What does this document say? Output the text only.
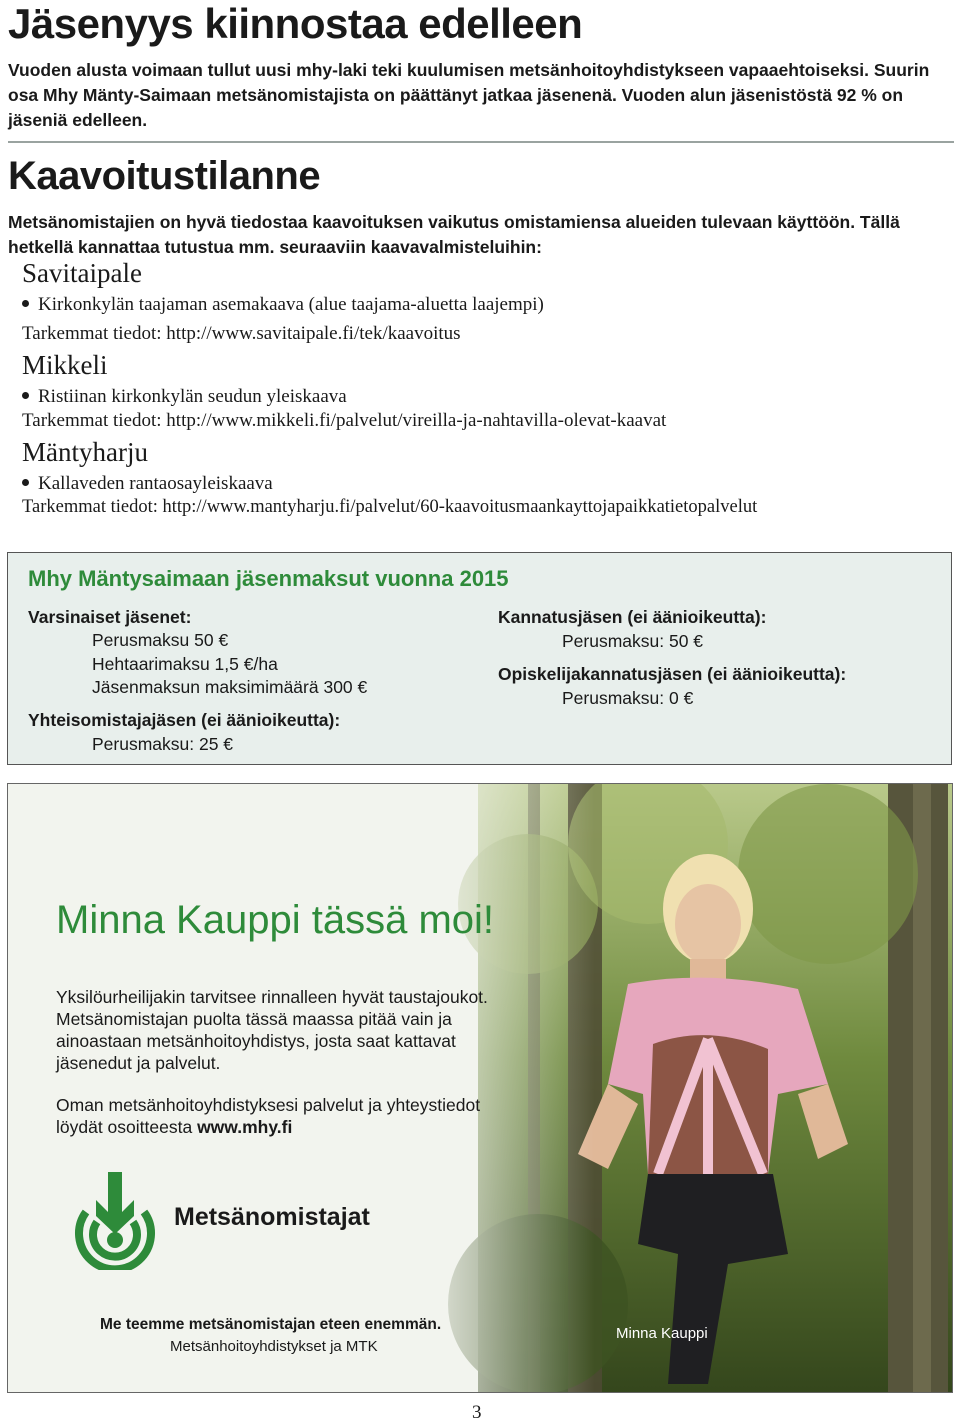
Jäsenyys kiinnostaa edelleen
Vuoden alusta voimaan tullut uusi mhy-laki teki kuulumisen metsänhoitoyhdistykseen vapaaehtoiseksi. Suurin osa Mhy Mänty-Saimaan metsänomistajista on päättänyt jatkaa jäsenenä. Vuoden alun jäsenistöstä 92 % on jäseniä edelleen.
Kaavoitustilanne
Metsänomistajien on hyvä tiedostaa kaavoituksen vaikutus omistamiensa alueiden tulevaan käyttöön. Tällä hetkellä kannattaa tutustua mm. seuraaviin kaavavalmisteluihin:
Savitaipale
Kirkonkylän taajaman asemakaava (alue taajama-aluetta laajempi)
Tarkemmat tiedot: http://www.savitaipale.fi/tek/kaavoitus
Mikkeli
Ristiinan kirkonkylän seudun yleiskaava
Tarkemmat tiedot: http://www.mikkeli.fi/palvelut/vireilla-ja-nahtavilla-olevat-kaavat
Mäntyharju
Kallaveden rantaosayleiskaava
Tarkemmat tiedot: http://www.mantyharju.fi/palvelut/60-kaavoitusmaankayttojapaikkatietopalvelut
Mhy Mäntysaimaan jäsenmaksut vuonna 2015
Varsinaiset jäsenet:
Perusmaksu 50 €
Hehtaarimaksu 1,5 €/ha
Jäsenmaksun maksimimäärä 300 €
Yhteisomistajajäsen (ei äänioikeutta):
Perusmaksu: 25 €
Kannatusjäsen (ei äänioikeutta):
Perusmaksu: 50 €
Opiskelijakannatusjäsen (ei äänioikeutta):
Perusmaksu: 0 €
Minna Kauppi tässä moi!
Yksilöurheilijakin tarvitsee rinnalleen hyvät taustajoukot. Metsänomistajan puolta tässä maassa pitää vain ja ainoastaan metsänhoitoyhdistys, josta saat kattavat jäsenedut ja palvelut.
Oman metsänhoitoyhdistyksesi palvelut ja yhteystiedot löydät osoitteesta www.mhy.fi
Metsänomistajat
Me teemme metsänomistajan eteen enemmän.
Metsänhoitoyhdistykset ja MTK
Minna Kauppi
3
